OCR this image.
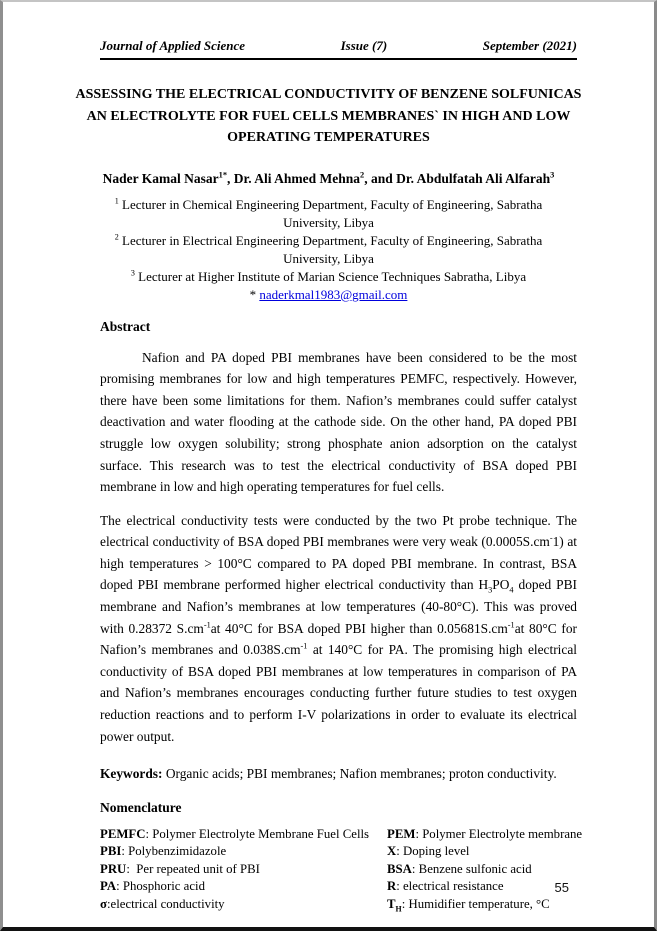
Journal of Applied Science	Issue (7)	September (2021)
ASSESSING THE ELECTRICAL CONDUCTIVITY OF BENZENE SOLFUNICAS AN ELECTROLYTE FOR FUEL CELLS MEMBRANES` IN HIGH AND LOW OPERATING TEMPERATURES
Nader Kamal Nasar$^{1*}$, Dr. Ali Ahmed Mehna$^2$, and Dr. Abdulfatah Ali Alfarah$^3$
$^1$ Lecturer in Chemical Engineering Department, Faculty of Engineering, Sabratha University, Libya
$^2$ Lecturer in Electrical Engineering Department, Faculty of Engineering, Sabratha University, Libya
$^3$ Lecturer at Higher Institute of Marian Science Techniques Sabratha, Libya
* naderkmal1983@gmail.com
Abstract

Nafion and PA doped PBI membranes have been considered to be the most promising membranes for low and high temperatures PEMFC, respectively. However, there have been some limitations for them. Nafion’s membranes could suffer catalyst deactivation and water flooding at the cathode side. On the other hand, PA doped PBI struggle low oxygen solubility; strong phosphate anion adsorption on the catalyst surface. This research was to test the electrical conductivity of BSA doped PBI membrane in low and high operating temperatures for fuel cells.

The electrical conductivity tests were conducted by the two Pt probe technique. The electrical conductivity of BSA doped PBI membranes were very weak (0.0005S.cm-1) at high temperatures > 100°C compared to PA doped PBI membrane. In contrast, BSA doped PBI membrane performed higher electrical conductivity than $H_3PO_4$ doped PBI membrane and Nafion’s membranes at low temperatures (40-80°C). This was proved with 0.28372 $S.cm^{-1}at$ 40°C for BSA doped PBI higher than $0.05681S.cm^{-1}at$ 80°C for Nafion’s membranes and $0.038S.cm^{-1}$ at 140°C for PA. The promising high electrical conductivity of BSA doped PBI membranes at low temperatures in comparison of PA and Nafion’s membranes encourages conducting further future studies to test oxygen reduction reactions and to perform I-V polarizations in order to evaluate its electrical power output.

Keywords: Organic acids; PBI membranes; Nafion membranes; proton conductivity.

Nomenclature
PEMFC: Polymer Electrolyte Membrane Fuel Cells
PBI: Polybenzimidazole
PRU:  Per repeated unit of PBI
PA: Phosphoric acid
σ:electrical conductivity
PEM: Polymer Electrolyte membrane
X: Doping level
BSA: Benzene sulfonic acid
R: electrical resistance
$T_H$: Humidifier temperature, °C
55
